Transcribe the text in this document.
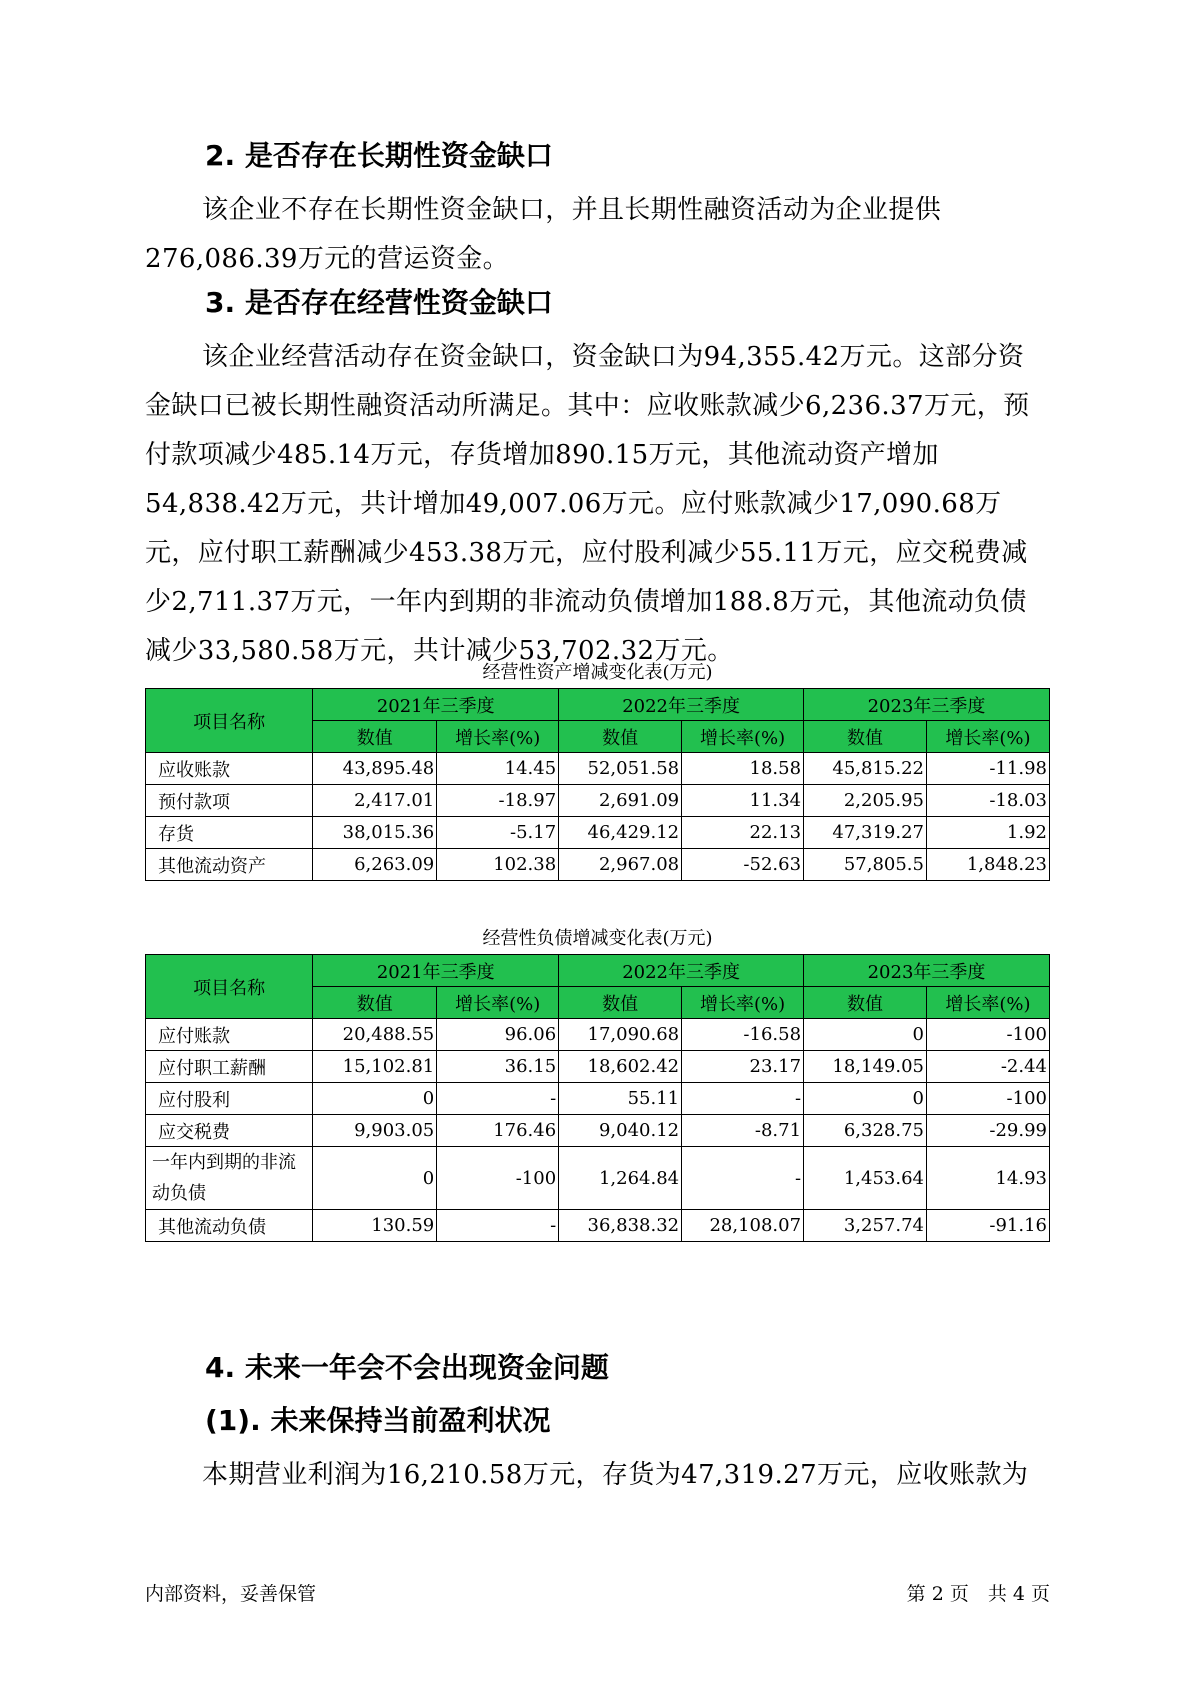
2. 是否存在长期性资金缺口

该企业不存在长期性资金缺口，并且长期性融资活动为企业提供276,086.39万元的营运资金。

3. 是否存在经营性资金缺口

该企业经营活动存在资金缺口，资金缺口为94,355.42万元。这部分资金缺口已被长期性融资活动所满足。其中：应收账款减少6,236.37万元，预付款项减少485.14万元，存货增加890.15万元，其他流动资产增加54,838.42万元，共计增加49,007.06万元。应付账款减少17,090.68万元，应付职工薪酬减少453.38万元，应付股利减少55.11万元，应交税费减少2,711.37万元，一年内到期的非流动负债增加188.8万元，其他流动负债减少33,580.58万元，共计减少53,702.32万元。

经营性资产增减变化表(万元)

项目名称	2021年三季度		2022年三季度		2023年三季度	
	数值	增长率(%)	数值	增长率(%)	数值	增长率(%)
应收账款	43,895.48	14.45	52,051.58	18.58	45,815.22	-11.98
预付款项	2,417.01	-18.97	2,691.09	11.34	2,205.95	-18.03
存货	38,015.36	-5.17	46,429.12	22.13	47,319.27	1.92
其他流动资产	6,263.09	102.38	2,967.08	-52.63	57,805.5	1,848.23

经营性负债增减变化表(万元)

项目名称	2021年三季度		2022年三季度		2023年三季度	
	数值	增长率(%)	数值	增长率(%)	数值	增长率(%)
应付账款	20,488.55	96.06	17,090.68	-16.58	0	-100
应付职工薪酬	15,102.81	36.15	18,602.42	23.17	18,149.05	-2.44
应付股利	0	-	55.11	-	0	-100
应交税费	9,903.05	176.46	9,040.12	-8.71	6,328.75	-29.99
一年内到期的非流动负债	0	-100	1,264.84	-	1,453.64	14.93
其他流动负债	130.59	-	36,838.32	28,108.07	3,257.74	-91.16
4. 未来一年会不会出现资金问题
(1). 未来保持当前盈利状况

本期营业利润为16,210.58万元，存货为47,319.27万元，应收账款为

内部资料，妥善保管	第 2 页　共 4 页
